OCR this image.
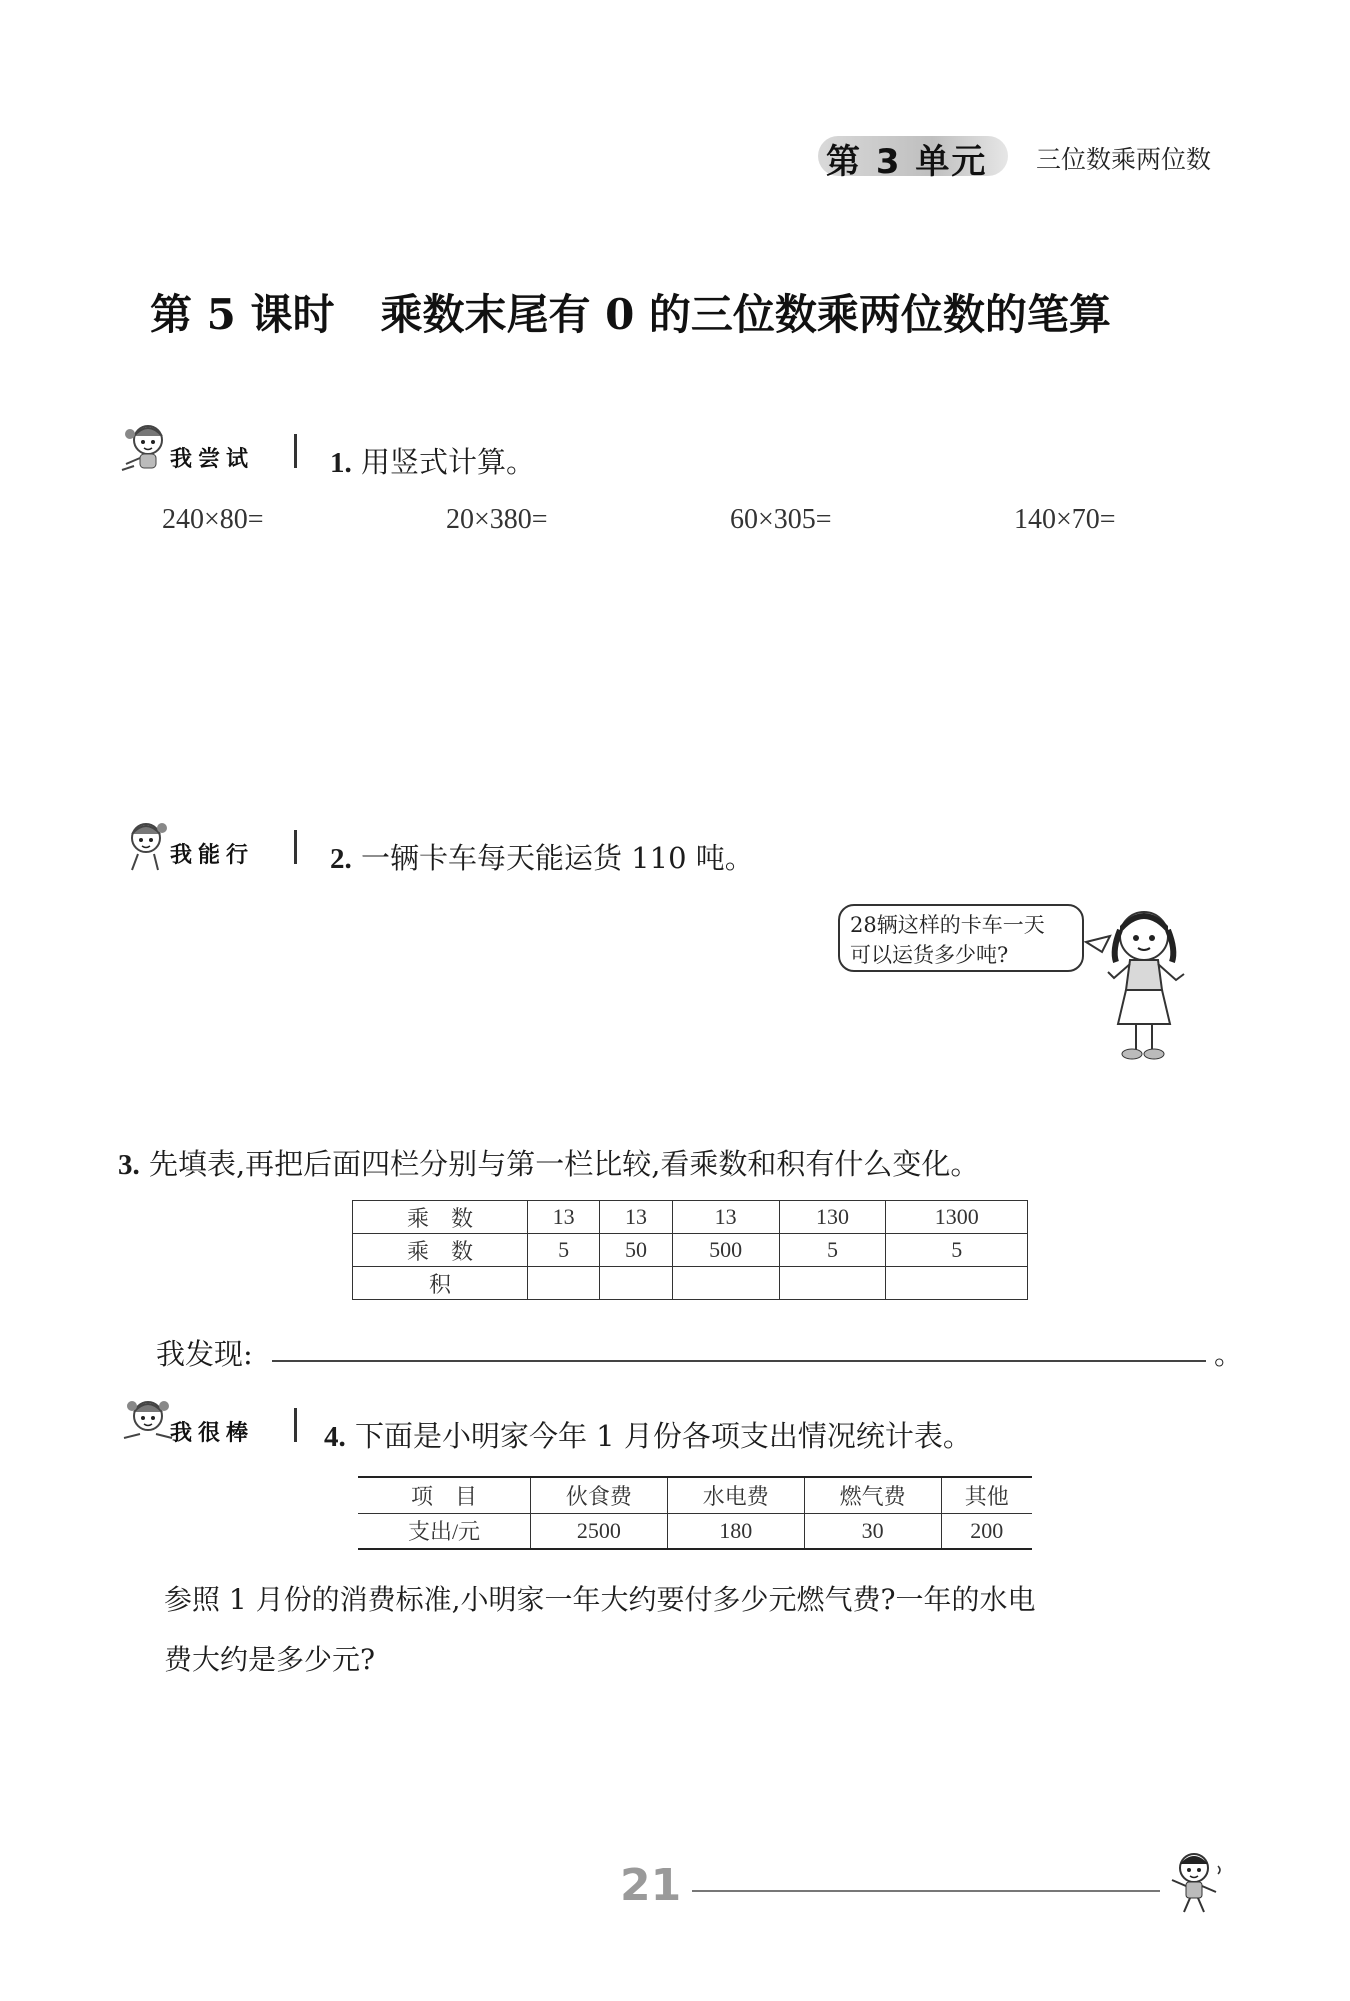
第 3 单元 三位数乘两位数
第 5 课时 乘数末尾有 0 的三位数乘两位数的笔算
我尝试	1. 用竖式计算。
240×80=	20×380=	60×305=	140×70=
我能行	2. 一辆卡车每天能运货 110 吨。
28辆这样的卡车一天
可以运货多少吨?
3. 先填表,再把后面四栏分别与第一栏比较,看乘数和积有什么变化。
乘　数	13	13	13	130	1300
乘　数	5	50	500	5	5
积					
我发现:	。
我很棒 4. 下面是小明家今年 1 月份各项支出情况统计表。
项　目	伙食费	水电费	燃气费	其他
支出/元	2500	180	30	200
参照 1 月份的消费标准,小明家一年大约要付多少元燃气费?一年的水电
费大约是多少元?
21
